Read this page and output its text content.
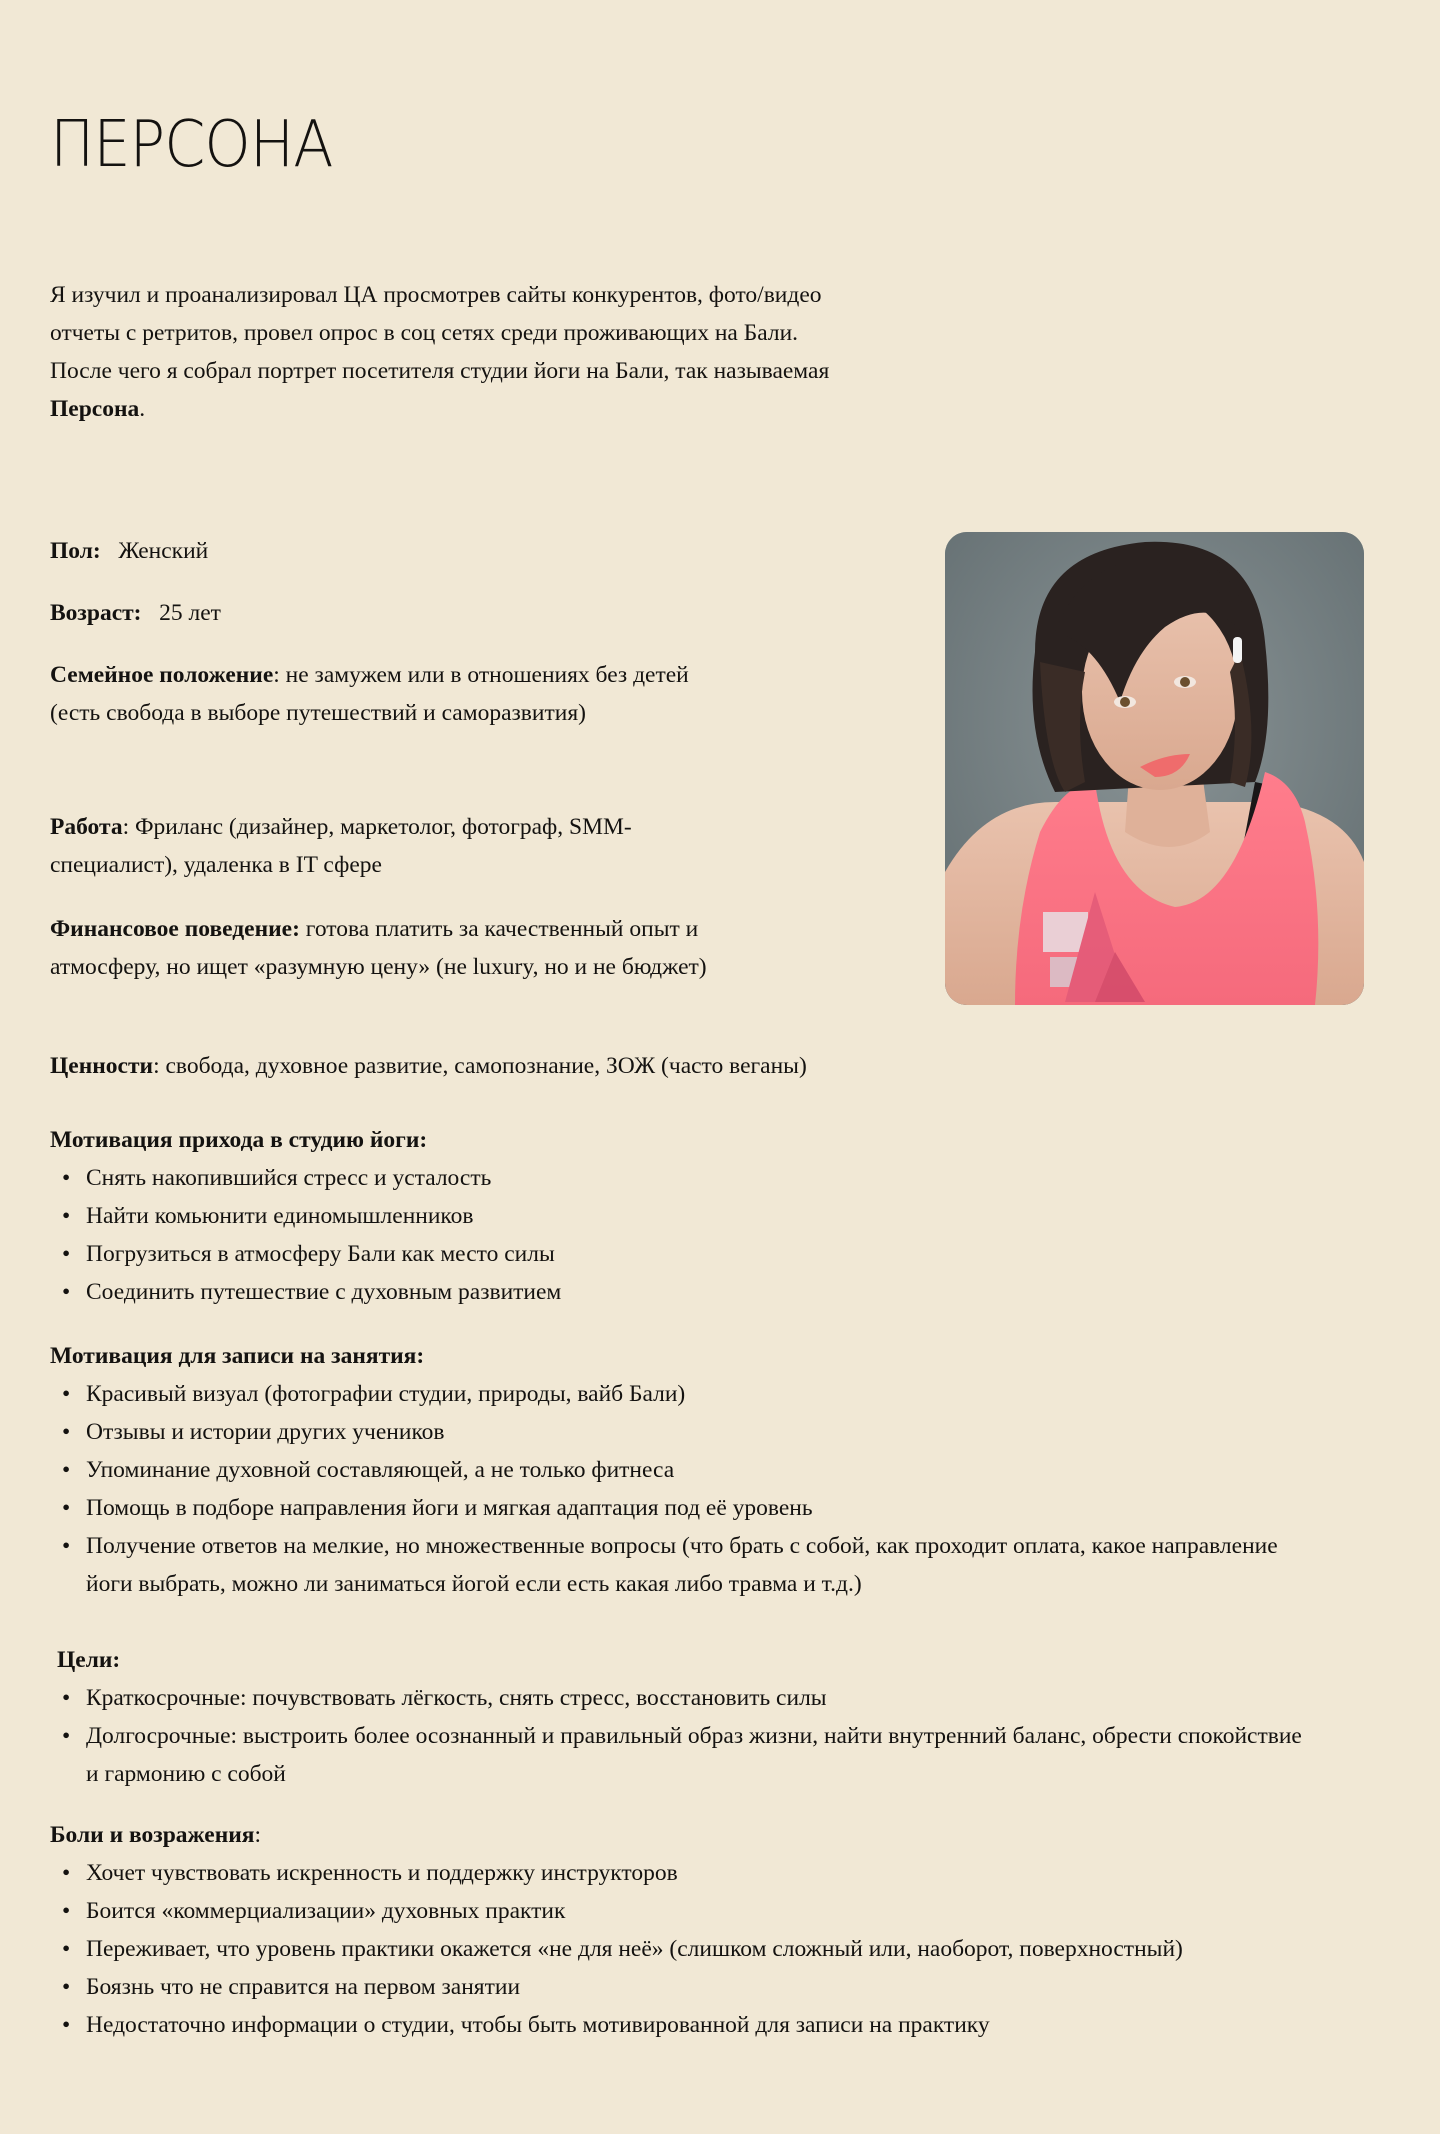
ПЕРСОНА

Я изучил и проанализировал ЦА просмотрев сайты конкурентов, фото/видео отчеты с ретритов, провел опрос в соц сетях среди проживающих на Бали. После чего я собрал портрет посетителя студии йоги на Бали, так называемая Персона.

Пол: Женский
Возраст: 25 лет
Семейное положение: не замужем или в отношениях без детей (есть свобода в выборе путешествий и саморазвития)
Работа: Фриланс (дизайнер, маркетолог, фотограф, SMM-специалист), удаленка в IT сфере
Финансовое поведение: готова платить за качественный опыт и атмосферу, но ищет «разумную цену» (не luxury, но и не бюджет)
Ценности: свобода, духовное развитие, самопознание, ЗОЖ (часто веганы)
Мотивация прихода в студию йоги:
• Снять накопившийся стресс и усталость
• Найти комьюнити единомышленников
• Погрузиться в атмосферу Бали как место силы
• Соединить путешествие с духовным развитием
Мотивация для записи на занятия:
• Красивый визуал (фотографии студии, природы, вайб Бали)
• Отзывы и истории других учеников
• Упоминание духовной составляющей, а не только фитнеса
• Помощь в подборе направления йоги и мягкая адаптация под её уровень
• Получение ответов на мелкие, но множественные вопросы (что брать с собой, как проходит оплата, какое направление йоги выбрать, можно ли заниматься йогой если есть какая либо травма и т.д.)
Цели:
• Краткосрочные: почувствовать лёгкость, снять стресс, восстановить силы
• Долгосрочные: выстроить более осознанный и правильный образ жизни, найти внутренний баланс, обрести спокойствие и гармонию с собой
Боли и возражения:
• Хочет чувствовать искренность и поддержку инструкторов
• Боится «коммерциализации» духовных практик
• Переживает, что уровень практики окажется «не для неё» (слишком сложный или, наоборот, поверхностный)
• Боязнь что не справится на первом занятии
• Недостаточно информации о студии, чтобы быть мотивированной для записи на практику
